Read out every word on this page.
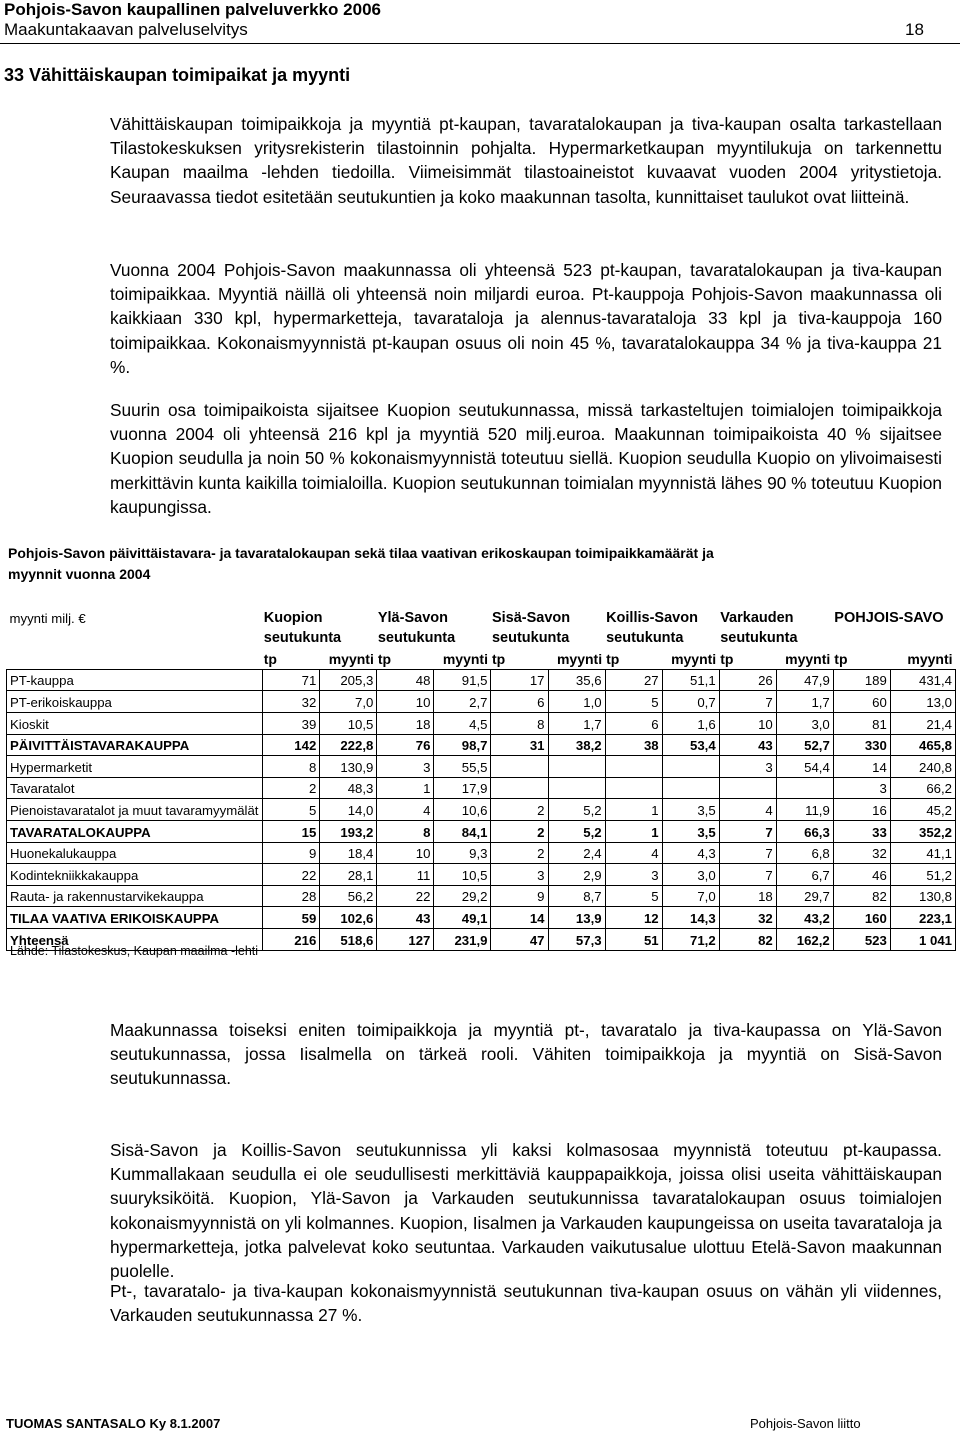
Pohjois-Savon kaupallinen palveluverkko 2006
Maakuntakaavan palveluselvitys	18
33 Vähittäiskaupan toimipaikat ja myynti

Vähittäiskaupan toimipaikkoja ja myyntiä pt-kaupan, tavaratalokaupan ja tiva-kaupan osalta tarkastellaan Tilastokeskuksen yritysrekisterin tilastoinnin pohjalta. Hypermarketkaupan myyntilukuja on tarkennettu Kaupan maailma -lehden tiedoilla. Viimeisimmät tilastoaineistot kuvaavat vuoden 2004 yritystietoja. Seuraavassa tiedot esitetään seutukuntien ja koko maakunnan tasolta, kunnittaiset taulukot ovat liitteinä.

Vuonna 2004 Pohjois-Savon maakunnassa oli yhteensä 523 pt-kaupan, tavaratalokaupan ja tiva-kaupan toimipaikkaa. Myyntiä näillä oli yhteensä noin miljardi euroa. Pt-kauppoja Pohjois-Savon maakunnassa oli kaikkiaan 330 kpl, hypermarketteja, tavarataloja ja alennus-tavarataloja 33 kpl ja tiva-kauppoja 160 toimipaikkaa. Kokonaismyynnistä pt-kaupan osuus oli noin 45 %, tavaratalokauppa 34 % ja tiva-kauppa 21 %.

Suurin osa toimipaikoista sijaitsee Kuopion seutukunnassa, missä tarkasteltujen toimialojen toimipaikkoja vuonna 2004 oli yhteensä 216 kpl ja myyntiä 520 milj.euroa. Maakunnan toimipaikoista 40 % sijaitsee Kuopion seudulla ja noin 50 % kokonaismyynnistä toteutuu siellä. Kuopion seudulla Kuopio on ylivoimaisesti merkittävin kunta kaikilla toimialoilla. Kuopion seutukunnan toimialan myynnistä lähes 90 % toteutuu Kuopion kaupungissa.

Pohjois-Savon päivittäistavara- ja tavaratalokaupan sekä tilaa vaativan erikoskaupan toimipaikkamäärät ja myynnit vuonna 2004

myynti milj. €	Kuopion		Ylä-Savon		Sisä-Savon		Koillis-Savon		Varkauden		POHJOIS-SAVO	
	seutukunta		seutukunta		seutukunta		seutukunta		seutukunta			
	tp	myynti	tp	myynti	tp	myynti	tp	myynti	tp	myynti	tp	myynti
PT-kauppa	71	205,3	48	91,5	17	35,6	27	51,1	26	47,9	189	431,4
PT-erikoiskauppa	32	7,0	10	2,7	6	1,0	5	0,7	7	1,7	60	13,0
Kioskit	39	10,5	18	4,5	8	1,7	6	1,6	10	3,0	81	21,4
PÄIVITTÄISTAVARAKAUPPA	142	222,8	76	98,7	31	38,2	38	53,4	43	52,7	330	465,8
Hypermarketit	8	130,9	3	55,5					3	54,4	14	240,8
Tavaratalot	2	48,3	1	17,9							3	66,2
Pienoistavaratalot ja muut tavaramyymälät	5	14,0	4	10,6	2	5,2	1	3,5	4	11,9	16	45,2
TAVARATALOKAUPPA	15	193,2	8	84,1	2	5,2	1	3,5	7	66,3	33	352,2
Huonekalukauppa	9	18,4	10	9,3	2	2,4	4	4,3	7	6,8	32	41,1
Kodintekniikkakauppa	22	28,1	11	10,5	3	2,9	3	3,0	7	6,7	46	51,2
Rauta- ja rakennustarvikekauppa	28	56,2	22	29,2	9	8,7	5	7,0	18	29,7	82	130,8
TILAA VAATIVA ERIKOISKAUPPA	59	102,6	43	49,1	14	13,9	12	14,3	32	43,2	160	223,1
Yhteensä	216	518,6	127	231,9	47	57,3	51	71,2	82	162,2	523	1 041
Lähde: Tilastokeskus, Kaupan maailma -lehti

Maakunnassa toiseksi eniten toimipaikkoja ja myyntiä pt-, tavaratalo ja tiva-kaupassa on Ylä-Savon seutukunnassa, jossa Iisalmella on tärkeä rooli. Vähiten toimipaikkoja ja myyntiä on Sisä-Savon seutukunnassa.

Sisä-Savon ja Koillis-Savon seutukunnissa yli kaksi kolmasosaa myynnistä toteutuu pt-kaupassa. Kummallakaan seudulla ei ole seudullisesti merkittäviä kauppapaikkoja, joissa olisi useita vähittäiskaupan suuryksiköitä. Kuopion, Ylä-Savon ja Varkauden seutukunnissa tavaratalokaupan osuus toimialojen kokonaismyynnistä on yli kolmannes. Kuopion, Iisalmen ja Varkauden kaupungeissa on useita tavarataloja ja hypermarketteja, jotka palvelevat koko seutuntaa. Varkauden vaikutusalue ulottuu Etelä-Savon maakunnan puolelle.

Pt-, tavaratalo- ja tiva-kaupan kokonaismyynnistä seutukunnan tiva-kaupan osuus on vähän yli viidennes, Varkauden seutukunnassa 27 %.

TUOMAS SANTASALO Ky 8.1.2007	Pohjois-Savon liitto
